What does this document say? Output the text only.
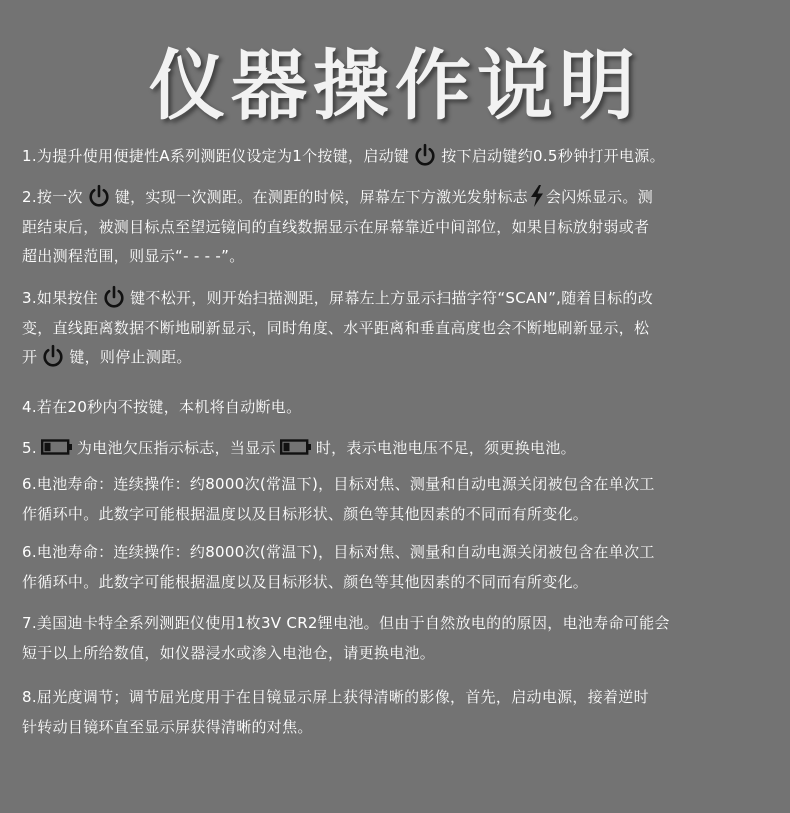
仪器操作说明
1.为提升使用便捷性A系列测距仪设定为1个按键，启动键 按下启动键约0.5秒钟打开电源。
2.按一次 键，实现一次测距。在测距的时候，屏幕左下方激光发射标志 会闪烁显示。测
距结束后，被测目标点至望远镜间的直线数据显示在屏幕靠近中间部位，如果目标放射弱或者
超出测程范围，则显示“- - - -”。
3.如果按住 键不松开，则开始扫描测距，屏幕左上方显示扫描字符“SCAN”,随着目标的改
变，直线距离数据不断地刷新显示，同时角度、水平距离和垂直高度也会不断地刷新显示，松
开 键，则停止测距。
4.若在20秒内不按键，本机将自动断电。
5.	为电池欠压指示标志，当显示	时，表示电池电压不足，须更换电池。
6.电池寿命：连续操作：约8000次(常温下)，目标对焦、测量和自动电源关闭被包含在单次工
作循环中。此数字可能根据温度以及目标形状、颜色等其他因素的不同而有所变化。
6.电池寿命：连续操作：约8000次(常温下)，目标对焦、测量和自动电源关闭被包含在单次工
作循环中。此数字可能根据温度以及目标形状、颜色等其他因素的不同而有所变化。
7.美国迪卡特全系列测距仪使用1枚3V CR2锂电池。但由于自然放电的的原因，电池寿命可能会
短于以上所给数值，如仪器浸水或渗入电池仓，请更换电池。
8.屈光度调节；调节屈光度用于在目镜显示屏上获得清晰的影像，首先，启动电源，接着逆时
针转动目镜环直至显示屏获得清晰的对焦。
